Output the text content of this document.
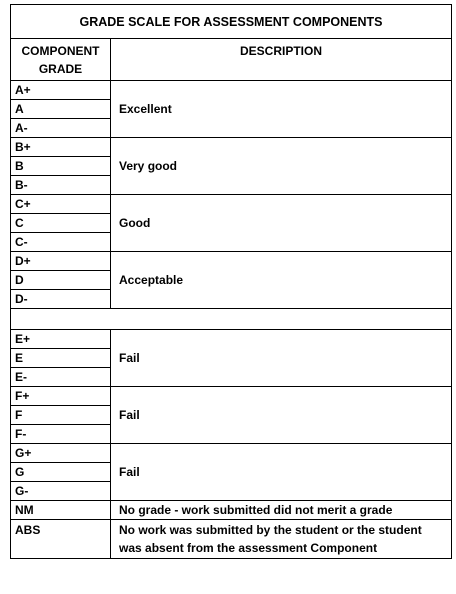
GRADE SCALE FOR ASSESSMENT COMPONENTS	
COMPONENT GRADE	DESCRIPTION
A+	Excellent
A	
A-	
B+	Very good
B	
B-	
C+	Good
C	
C-	
D+	Acceptable
D	
D-	

E+	Fail
E	
E-	
F+	Fail
F	
F-	
G+	Fail
G	
G-	
NM	No grade - work submitted did not merit a grade
ABS	No work was submitted by the student or the student was absent from the assessment Component
